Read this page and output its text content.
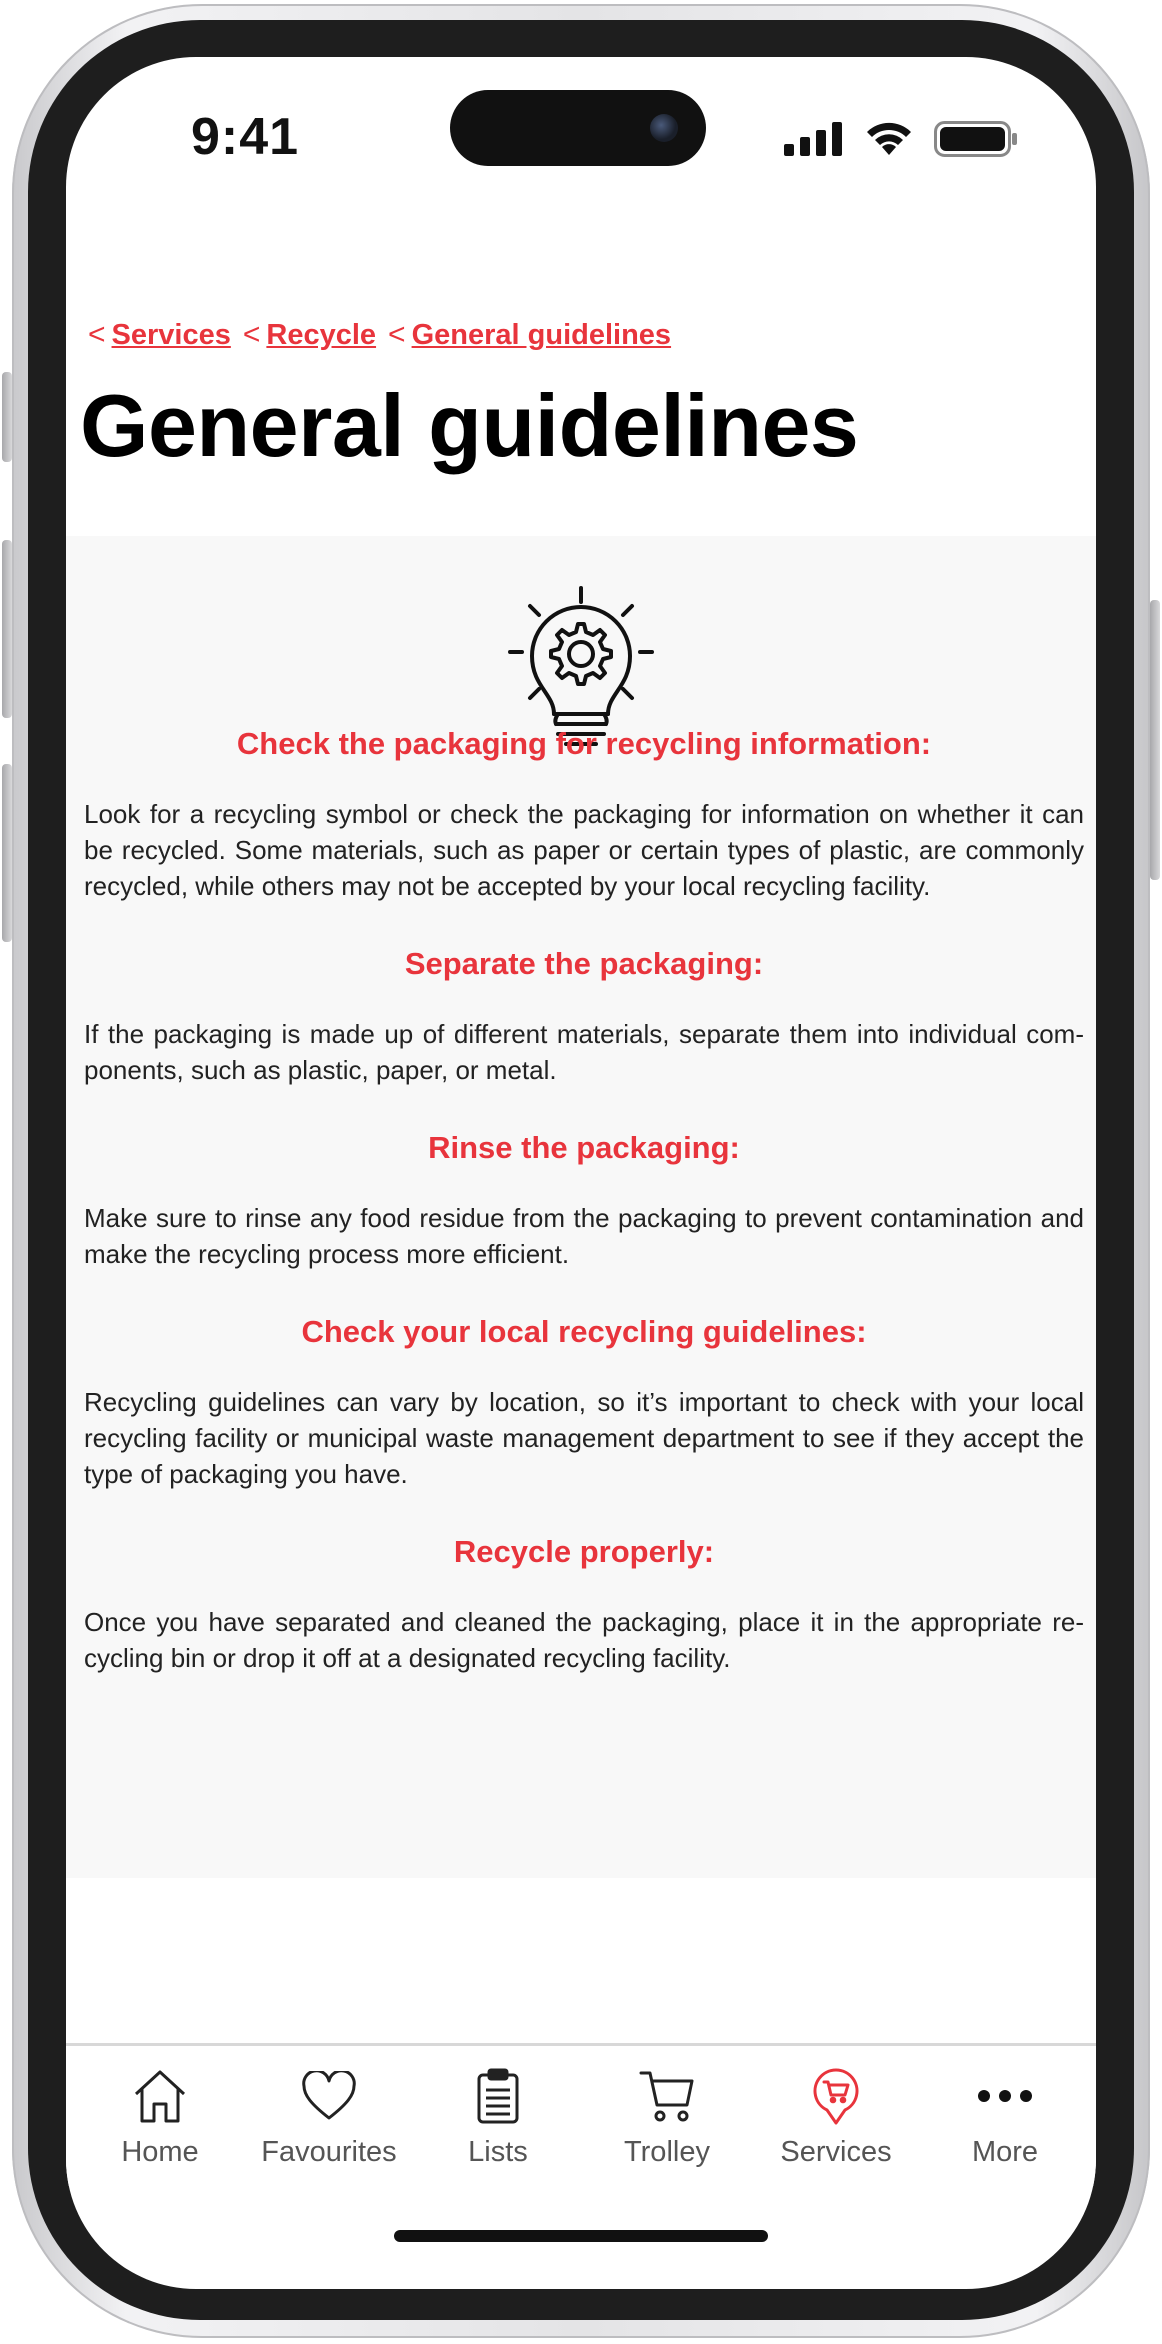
9:41
< Services < Recycle < General guidelines
General guidelines
Check the packaging for recycling information:

Look for a recycling symbol or check the packaging for information on whether it can be recycled. Some materials, such as paper or certain types of plastic, are commonly recycled, while others may not be accepted by your local recycling facility.

Separate the packaging:

If the packaging is made up of different materials, separate them into individual com-ponents, such as plastic, paper, or metal.

Rinse the packaging:

Make sure to rinse any food residue from the packaging to prevent contamination and make the recycling process more efficient.

Check your local recycling guidelines:

Recycling guidelines can vary by location, so it’s important to check with your local recycling facility or municipal waste management department to see if they accept the type of packaging you have.

Recycle properly:

Once you have separated and cleaned the packaging, place it in the appropriate re-cycling bin or drop it off at a designated recycling facility.

Home	Favourites	Lists	Trolley	Services	More
